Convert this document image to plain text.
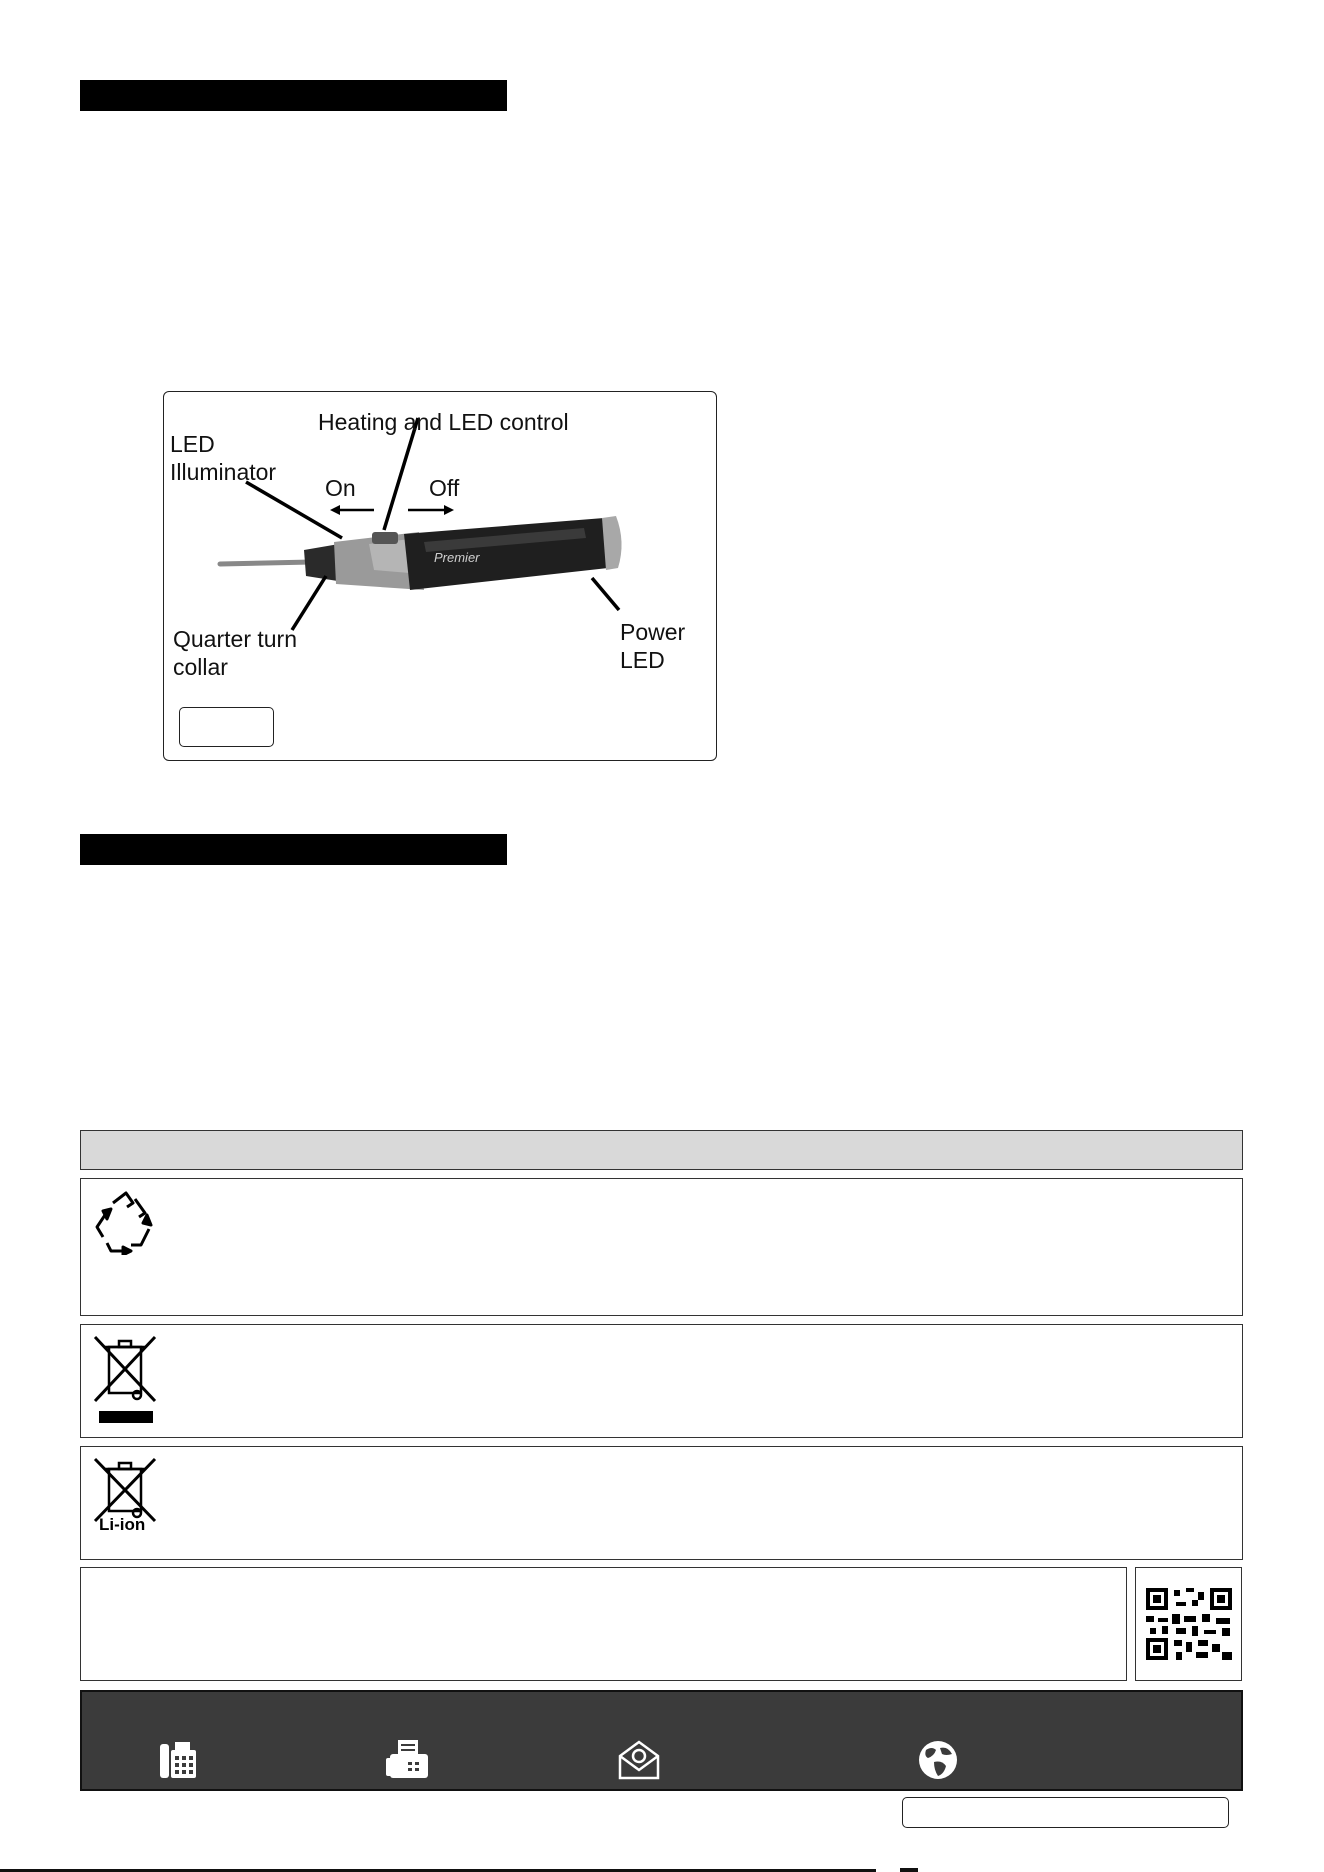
Premier
Heating and LED control
LED
Illuminator
On	Off
Quarter turn
collar
Power
LED
Li-ion
